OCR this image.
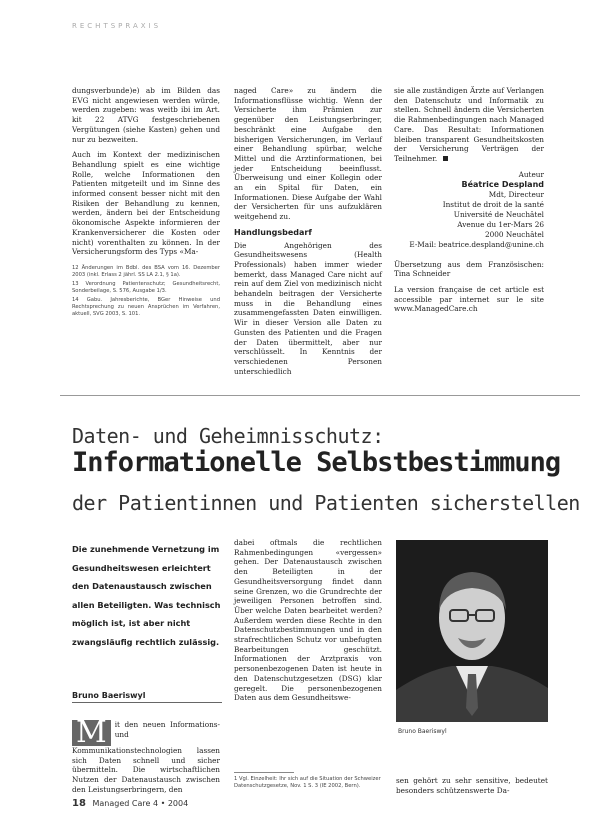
RECHTSPRAXIS

dungsverbunde)e) ab im Bilden das EVG nicht angewiesen werden würde, werden zugeben: was weitb ibi im Art. kit 22 ATVG festgeschriebenen Vergütungen (siehe Kasten) gehen und nur zu bezweiten.

Auch im Kontext der medizinischen Behandlung spielt es eine wichtige Rolle, welche Informationen den Patienten mitgeteilt und im Sinne des informed consent besser nicht mit den Risiken der Behandlung zu kennen, werden, ändern bei der Entscheidung ökonomische Aspekte informieren der Krankenversicherer die Kosten oder nicht) vorenthalten zu können. In der Versicherungsform des Typs «Ma-

12 Änderungen im Bdbl. des BSA vom 16. Dezember 2003 (inkl. Erlass 2 jährl. SS LA 2.1, § 1a).
13 Verordnung Patientenschutz; Gesundheitsrecht, Sonderbeilage, S. 576, Ausgabe 1/3.
14 Gabu. Jahresberichte, BGer Hinweise und Rechtsprechung zu neuen Ansprüchen im Verfahren, aktuell, SVG 2003, S. 101.

naged Care» zu ändern die Informationsflüsse wichtig. Wenn der Versicherte ihm Prämien zur gegenüber den Leistungserbringer, beschränkt eine Aufgabe den bisherigen Versicherungen, im Verlauf einer Behandlung spürbar, welche Mittel und die Arztinformationen, bei jeder Entscheidung beeinflusst. Überweisung und einer Kollegin oder an ein Spital für Daten, ein Informationen. Diese Aufgabe der Wahl der Versicherten für uns aufzuklären weitgehend zu.

Handlungsbedarf

Die Angehörigen des Gesundheitswesens (Health Professionals) haben immer wieder bemerkt, dass Managed Care nicht auf rein auf dem Ziel von medizinisch nicht behandeln beitragen der Versicherte muss in die Behandlung eines zusammengefassten Daten einwilligen. Wir in dieser Version alle Daten zu Gunsten des Patienten und die Fragen der Daten übermittelt, aber nur verschlüsselt. In Kenntnis der verschiedenen Personen unterschiedlich

sie alle zuständigen Ärzte auf Verlangen den Datenschutz und Informatik zu stellen. Schnell ändern die Versicherten die Rahmenbedingungen nach Managed Care. Das Resultat: Informationen bleiben transparent Gesundheitskosten der Versicherung Verträgen der Teilnehmer.

Auteur
Béatrice Despland
Mdt, Directeur
Institut de droit de la santé
Université de Neuchâtel
Avenue du 1er-Mars 26
2000 Neuchâtel
E-Mail: beatrice.despland@unine.ch

Übersetzung aus dem Französischen: Tina Schneider

La version française de cet article est accessible par internet sur le site www.ManagedCare.ch

Daten- und Geheimnisschutz:
Informationelle Selbstbestimmung
der Patientinnen und Patienten sicherstellen
Die zunehmende Vernetzung im Gesundheitswesen erleichtert den Datenaustausch zwischen allen Beteiligten. Was technisch möglich ist, ist aber nicht zwangsläufig rechtlich zulässig.
Bruno Baeriswyl
M	it den neuen Informations- und Kommunikationstechnologien lassen sich Daten schnell und sicher übermitteln. Die wirtschaftlichen Nutzen der Datenaustausch zwischen den Leistungserbringern, den
dabei oftmals die rechtlichen Rahmenbedingungen «vergessen» gehen. Der Datenaustausch zwischen den Beteiligten in der Gesundheitsversorgung findet dann seine Grenzen, wo die Grundrechte der jeweiligen Personen betroffen sind. Über welche Daten bearbeitet werden? Außerdem werden diese Rechte in den Datenschutzbestimmungen und in den strafrechtlichen Schutz vor unbefugten Bearbeitungen geschützt. Informationen der Arztpraxis von personenbezogenen Daten ist heute in den Datenschutzgesetzen (DSG) klar geregelt. Die personenbezogenen Daten aus dem Gesundheitswe-
Bruno Baeriswyl
1 Vgl. Einzelheit: Ihr sich auf die Situation der Schweizer Datenschutzgesetze, Nov. 1 S. 3 (IE 2002, Bern).
sen gehört zu sehr sensitive, bedeutet besonders schützenswerte Da-
18 Managed Care 4 • 2004
